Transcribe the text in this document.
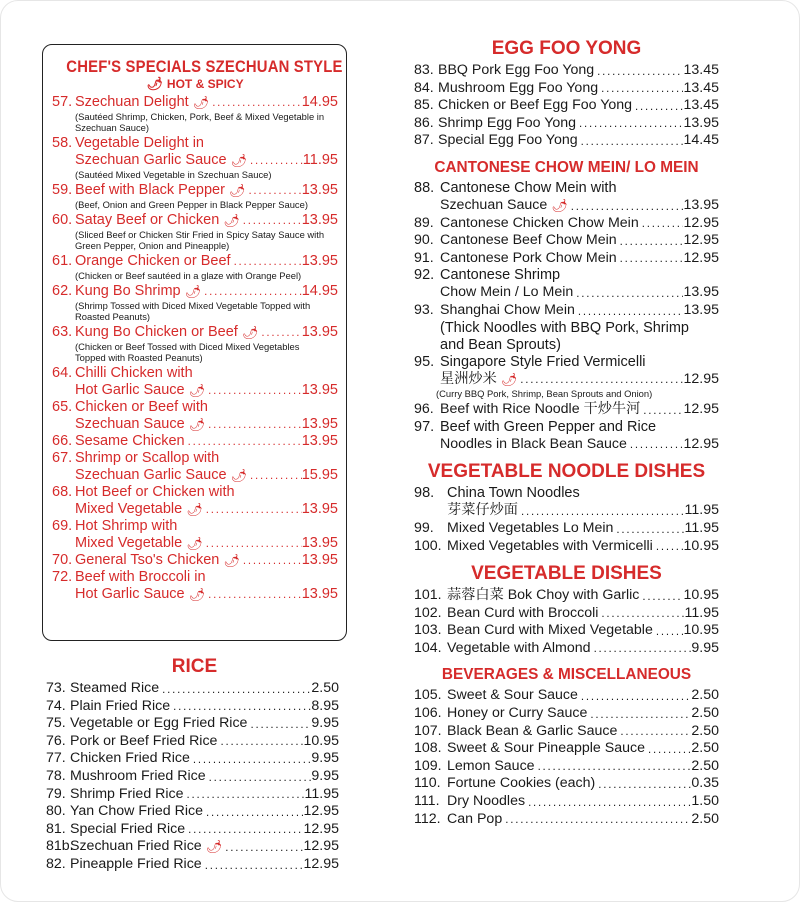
CHEF'S SPECIALS SZECHUAN STYLE
🌶︎ HOT & SPICY
57. Szechuan Delight 🌶︎ .....	14.95
(Sautéed Shrimp, Chicken, Pork, Beef & Mixed Vegetable in Szechuan Sauce)
58. Vegetable Delight in
Szechuan Garlic Sauce 🌶︎ .....	11.95
(Sautéed Mixed Vegetable in Szechuan Sauce)
59. Beef with Black Pepper 🌶︎ .....	13.95
(Beef, Onion and Green Pepper in Black Pepper Sauce)
60. Satay Beef or Chicken 🌶︎ .....	13.95
(Sliced Beef or Chicken Stir Fried in Spicy Satay Sauce with Green Pepper, Onion and Pineapple)
61. Orange Chicken or Beef .....	13.95
(Chicken or Beef sautéed in a glaze with Orange Peel)
62. Kung Bo Shrimp 🌶︎ .....	14.95
(Shrimp Tossed with Diced Mixed Vegetable Topped with Roasted Peanuts)
63. Kung Bo Chicken or Beef 🌶︎ .....	13.95
(Chicken or Beef Tossed with Diced Mixed Vegetables Topped with Roasted Peanuts)
64. Chilli Chicken with
Hot Garlic Sauce 🌶︎ .....	13.95
65. Chicken or Beef with
Szechuan Sauce 🌶︎ .....	13.95
66. Sesame Chicken .....	13.95
67. Shrimp or Scallop with
Szechuan Garlic Sauce 🌶︎ .....	15.95
68. Hot Beef or Chicken with
Mixed Vegetable 🌶︎ .....	13.95
69. Hot Shrimp with
Mixed Vegetable 🌶︎ .....	13.95
70. General Tso's Chicken 🌶︎ .....	13.95
72. Beef with Broccoli in
Hot Garlic Sauce 🌶︎ .....	13.95
RICE
73. Steamed Rice .....	2.50
74. Plain Fried Rice .....	8.95
75. Vegetable or Egg Fried Rice .....	9.95
76. Pork or Beef Fried Rice .....	10.95
77. Chicken Fried Rice .....	9.95
78. Mushroom Fried Rice .....	9.95
79. Shrimp Fried Rice .....	11.95
80. Yan Chow Fried Rice .....	12.95
81. Special Fried Rice .....	12.95
81b.
Szechuan Fried Rice 🌶︎ .....	12.95
82. Pineapple Fried Rice .....	12.95
EGG FOO YONG
83. BBQ Pork Egg Foo Yong .....	13.45
84. Mushroom Egg Foo Yong .....	13.45
85. Chicken or Beef Egg Foo Yong .....	13.45
86. Shrimp Egg Foo Yong .....	13.95
87. Special Egg Foo Yong .....	14.45
CANTONESE CHOW MEIN/ LO MEIN
88. Cantonese Chow Mein with
Szechuan Sauce 🌶︎ .....	13.95
89. Cantonese Chicken Chow Mein .....	12.95
90. Cantonese Beef Chow Mein .....	12.95
91. Cantonese Pork Chow Mein .....	12.95
92. Cantonese Shrimp
Chow Mein / Lo Mein .....	13.95
93. Shanghai Chow Mein .....	13.95
(Thick Noodles with BBQ Pork, Shrimp
and Bean Sprouts)
95. Singapore Style Fried Vermicelli
星洲炒米 🌶︎ .....	12.95
(Curry BBQ Pork, Shrimp, Bean Sprouts and Onion)
96. Beef with Rice Noodle 干炒牛河 .....	12.95
97. Beef with Green Pepper and Rice
Noodles in Black Bean Sauce .....	12.95
VEGETABLE NOODLE DISHES
98. China Town Noodles
芽菜仔炒面 .....	11.95
99. Mixed Vegetables Lo Mein .....	11.95
100. Mixed Vegetables with Vermicelli ..... 10.95
VEGETABLE DISHES
101. 蒜蓉白菜 Bok Choy with Garlic .....	10.95
102. Bean Curd with Broccoli .....	11.95
103. Bean Curd with Mixed Vegetable ..... 10.95
104. Vegetable with Almond .....	9.95
BEVERAGES & MISCELLANEOUS
105. Sweet & Sour Sauce .....	2.50
106. Honey or Curry Sauce .....	2.50
107. Black Bean & Garlic Sauce .....	2.50
108. Sweet & Sour Pineapple Sauce .....	2.50
109. Lemon Sauce .....	2.50
110. Fortune Cookies (each) .....	0.35
111. Dry Noodles .....	1.50
112. Can Pop .....	2.50
